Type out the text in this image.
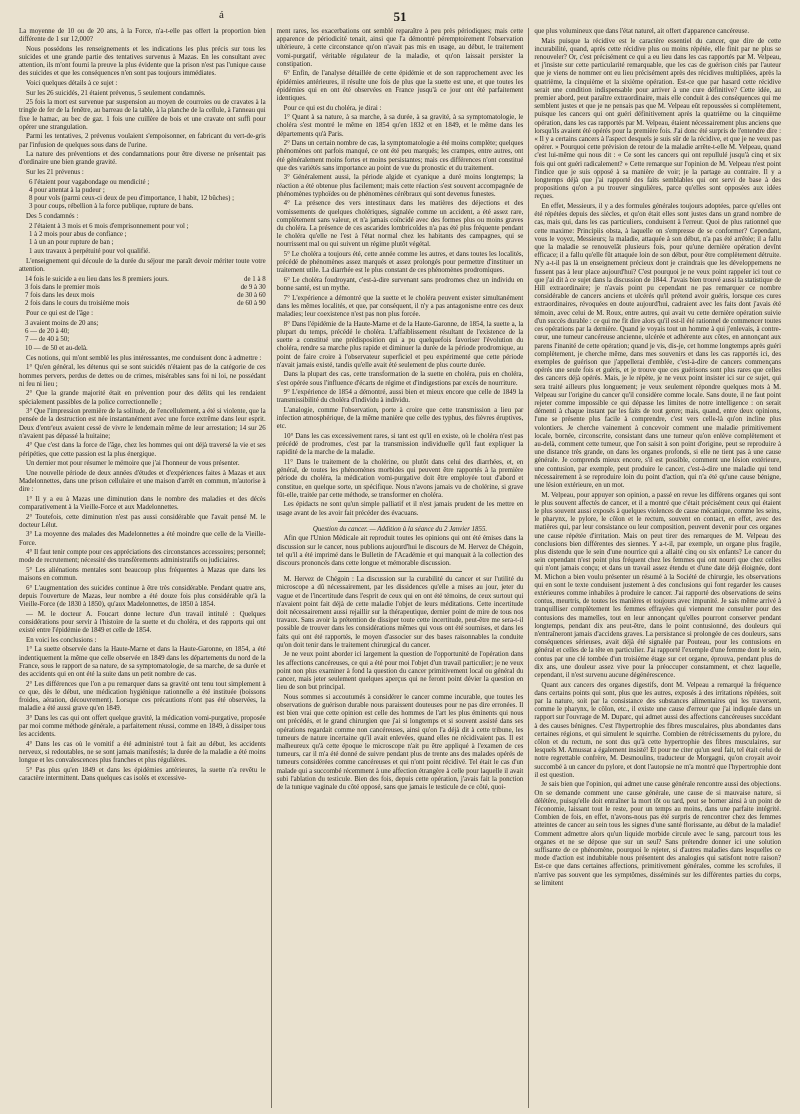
á	51

La moyenne de 10 ou de 20 ans, à la Force, n'a-t-elle pas offert la proportion bien différente de 1 sur 12,000?

Nous possédons les renseignements et les indications les plus précis sur tous les suicides et une grande partie des tentatives survenus à Mazas. En les consultant avec attention, ils m'ont fourni la preuve la plus évidente que la prison n'est pas l'unique cause des suicides et que les conséquences n'en sont pas toujours immédiates.

Voici quelques détails à ce sujet :

Sur les 26 suicidés, 21 étaient prévenus, 5 seulement condamnés.

25 fois la mort est survenue par suspension au moyen de courroies ou de cravates à la tringle de fer de la fenêtre, au barreau de la table, à la planche de la cellule, à l'anneau qui fixe le hamac, au bec de gaz. 1 fois une cuillère de bois et une cravate ont suffi pour opérer une strangulation.

Parmi les tentatives, 2 prévenus voulaient s'empoisonner, en fabricant du vert-de-gris par l'infusion de quelques sous dans de l'urine.

La nature des préventions et des condamnations pour être diverse ne présentait pas d'ordinaire une bien grande gravité.

Sur les 21 prévenus :

6 l'étaient pour vagabondage ou mendicité ;
4 pour attentat à la pudeur ;
8 pour vols (parmi ceux-ci deux de peu d'importance, 1 habit, 12 bûches) ;
3 pour coups, rébellion à la force publique, rupture de bans.

Des 5 condamnés :

2 l'étaient à 3 mois et 6 mois d'emprisonnement pour vol ;
1 à 2 mois pour abus de confiance ;
1 à un an pour rupture de ban ;
1 aux travaux à perpétuité pour vol qualifié.

L'enseignement qui découle de la durée du séjour me paraît devoir mériter toute votre attention.

14 fois le suicide a eu lieu dans les 8 premiers jours.	de 1 à 8
3 fois dans le premier mois	de 9 à 30
7 fois dans les deux mois	de 30 à 60
2 fois dans le cours du troisième mois	de 60 à 90

Pour ce qui est de l'âge :

3 avaient moins de 20 ans;
6 — de 20 à 40;
7 — de 40 à 50;
10 — de 50 et au-delà.

Ces notions, qui m'ont semblé les plus intéressantes, me conduisent donc à admettre :

1° Qu'en général, les détenus qui se sont suicidés n'étaient pas de la catégorie de ces hommes pervers, perdus de dettes ou de crimes, misérables sans foi ni loi, ne possédant ni feu ni lieu ;

2° Que la grande majorité était en prévention pour des délits qui les rendaient spécialement passibles de la police correctionnelle ;

3° Que l'impression première de la solitude, de l'encellulement, a été si violente, que la pensée de la destruction est née instantanément avec une force extrême dans leur esprit. Deux d'entr'eux avaient cessé de vivre le lendemain même de leur arrestation; 14 sur 26 n'avaient pas dépassé la huitaine;

4° Que c'est dans la force de l'âge, chez les hommes qui ont déjà traversé la vie et ses péripéties, que cette passion est la plus énergique.

Un dernier mot pour résumer le mémoire que j'ai l'honneur de vous présenter.

Une nouvelle période de deux années d'études et d'expériences faites à Mazas et aux Madelonnettes, dans une prison cellulaire et une maison d'arrêt en commun, m'autorise à dire :

1° Il y a eu à Mazas une diminution dans le nombre des maladies et des décès comparativement à la Vieille-Force et aux Madelonnettes.

2° Toutefois, cette diminution n'est pas aussi considérable que l'avait pensé M. le docteur Lélut.

3° La moyenne des malades des Madelonnettes a été moindre que celle de la Vieille-Force.

4° Il faut tenir compte pour ces appréciations des circonstances accessoires; personnel; mode de recrutement; nécessité des transfèrements administratifs ou judiciaires.

5° Les aliénations mentales sont beaucoup plus fréquentes à Mazas que dans les maisons en commun.

6° L'augmentation des suicides continue à être très considérable. Pendant quatre ans, depuis l'ouverture de Mazas, leur nombre a été douze fois plus considérable qu'à la Vieille-Force (de 1830 à 1850), qu'aux Madelonnettes, de 1850 à 1854.

— M. le docteur A. Foucart donne lecture d'un travail intitulé : Quelques considérations pour servir à l'histoire de la suette et du choléra, et des rapports qui ont existé entre l'épidémie de 1849 et celle de 1854.

En voici les conclusions :

1° La suette observée dans la Haute-Marne et dans la Haute-Garonne, en 1854, a été indentiquement la même que celle observée en 1849 dans les départements du nord de la France, sous le rapport de sa nature, de sa symptomatologie, de sa marche, de sa durée et des accidents qui en ont été la suite dans un petit nombre de cas.

2° Les différences que l'on a pu remarquer dans sa gravité ont tenu tout simplement à ce que, dès le début, une médication hygiénique rationnelle a été instituée (boissons froides, aération, découvrement). Lorsque ces précautions n'ont pas été observées, la maladie a été aussi grave qu'en 1849.

3° Dans les cas qui ont offert quelque gravité, la médication vomi-purgative, proposée par moi comme méthode générale, a parfaitement réussi, comme en 1849, à dissiper tous les accidents.

4° Dans les cas où le vomitif a été administré tout à fait au début, les accidents nerveux, si redoutables, ne se sont jamais manifestés; la durée de la maladie a été moins longue et les convalescences plus franches et plus régulières.

5° Pas plus qu'en 1849 et dans les épidémies antérieures, la suette n'a revêtu le caractère intermittent. Dans quelques cas isolés et excessive-

ment rares, les exacerbations ont semblé reparaître à peu près périodiques; mais cette apparence de périodicité tenait, ainsi que l'a démontré péremptoirement l'observation ultérieure, à cette circonstance qu'on n'avait pas mis en usage, au début, le traitement vomi-purgatif, véritable régulateur de la maladie, et qu'on laissait persister la constipation.

6° Enfin, de l'analyse détaillée de cette épidémie et de son rapprochement avec les épidémies antérieures, il résulte une fois de plus que la suette est une, et que toutes les épidémies qui en ont été observées en France jusqu'à ce jour ont été parfaitement identiques.

Pour ce qui est du choléra, je dirai :

1° Quant à sa nature, à sa marche, à sa durée, à sa gravité, à sa symptomatologie, le choléra s'est montré le même en 1854 qu'en 1832 et en 1849, et le même dans les départements qu'à Paris.

2° Dans un certain nombre de cas, la symptomatologie a été moins complète; quelques phénomènes ont parfois manqué, ce ont été peu marqués; les crampes, entre autres, ont été généralement moins fortes et moins persistantes; mais ces différences n'ont constitué que des variétés sans importance au point de vue du pronostic et du traitement.

3° Généralement aussi, la période algide et cyanique a duré moins longtemps; la réaction a été obtenue plus facilement; mais cette réaction s'est souvent accompagnée de phénomènes typhoïdes ou de phénomènes cérébraux qui sont devenus funestes.

4° La présence des vers intestinaux dans les matières des déjections et des vomissements de quelques cholériques, signalée comme un accident, a été assez rare, complètement sans valeur, et n'a jamais coïncidé avec des formes plus ou moins graves du choléra. La présence de ces ascarides lombricoïdes n'a pas été plus fréquente pendant le choléra qu'elle ne l'est à l'état normal chez les habitants des campagnes, qui se nourrissent mal ou qui suivent un régime plutôt végétal.

5° Le choléra a toujours été, cette année comme les autres, et dans toutes les localités, précédé de phénomènes assez marqués et assez prolongés pour permettre d'instituer un traitement utile. La diarrhée est le plus constant de ces phénomènes prodromiques.

6° Le choléra foudroyant, c'est-à-dire survenant sans prodromes chez un individu en bonne santé, est un mythe.

7° L'expérience a démontré que la suette et le choléra peuvent exister simultanément dans les mêmes localités, et que, par conséquent, il n'y a pas antagonisme entre ces deux maladies; leur coexistence n'est pas non plus forcée.

8° Dans l'épidémie de la Haute-Marne et de la Haute-Garonne, de 1854, la suette a, la plupart du temps, précédé le choléra. L'affaiblissement résultant de l'existence de la suette a constitué une prédisposition qui a pu quelquefois favoriser l'évolution du choléra, rendre sa marche plus rapide et diminuer la durée de la période prodromique, au point de faire croire à l'observateur superficiel et peu expérimenté que cette période n'avait jamais existé, tandis qu'elle avait été seulement de plus courte durée.

Dans la plupart des cas, cette transformation de la suette en choléra, puis en choléra, s'est opérée sous l'influence d'écarts de régime et d'indigestions par excès de nourriture.

9° L'expérience de 1854 a démontré, aussi bien et mieux encore que celle de 1849 la transmissibilité du choléra d'individu à individu.

L'analogie, comme l'observation, porte à croire que cette transmission a lieu par infection atmosphérique, de la même manière que celle des typhus, des fièvres éruptives, etc.

10° Dans les cas excessivement rares, si tant est qu'il en existe, où le choléra n'est pas précédé de prodromes, c'est par la transmission individuelle qu'il faut expliquer la rapidité de la marche de la maladie.

11° Dans le traitement de la cholérine, ou plutôt dans celui des diarrhées, et, en général, de toutes les phénomènes morbides qui peuvent être rapportés à la première période du choléra, la médication vomi-purgative doit être employée tout d'abord et constitue, en quelque sorte, un spécifique. Nous n'avons jamais vu de cholérine, si grave fût-elle, traitée par cette méthode, se transformer en choléra.

Les épidacts ne sont qu'un simple palliatif et il n'est jamais prudent de les mettre en usage avant de les avoir fait précéder des évacuans.

Question du cancer. — Addition à la séance du 2 Janvier 1855.

Afin que l'Union Médicale ait reproduit toutes les opinions qui ont été émises dans la discussion sur le cancer, nous publions aujourd'hui le discours de M. Hervez de Chégoin, tel qu'il a été imprimé dans le Bulletin de l'Académie et qui manquait à la collection des discours prononcés dans cette longue et mémorable discussion.

M. Hervez de Chégoin : La discussion sur la curabilité du cancer et sur l'utilité du microscope a dû nécessairement, par les dissidences qu'elle a mises au jour, jeter du vague et de l'incertitude dans l'esprit de ceux qui en ont été témoins, de ceux surtout qui n'avaient point fait déjà de cette maladie l'objet de leurs méditations. Cette incertitude doit nécessairement aussi rejaillir sur la thérapeutique, dernier point de mire de tous nos travaux. Sans avoir la prétention de dissiper toute cette incertitude, peut-être me sera-t-il possible de trouver dans les considérations mêmes qui vous ont été soumises, et dans les faits qui ont été rapportés, le moyen d'associer sur des bases raisonnables la conduite qu'on doit tenir dans le traitement chirurgical du cancer.

Je ne veux point aborder ici largement la question de l'opportunité de l'opération dans les affections cancéreuses, ce qui a été pour moi l'objet d'un travail particulier; je ne veux point non plus examiner à fond la question du cancer primitivement local ou général du cancer, mais jeter seulement quelques aperçus qui ne feront point dévier la question en lieu de son but principal.

Nous sommes si accoutumés à considérer le cancer comme incurable, que toutes les observations de guérison durable nous paraissent douteuses pour ne pas dire erronées. Il est bien vrai que cette opinion est celle des hommes de l'art les plus éminents qui nous ont précédés, et le grand chirurgien que j'ai si longtemps et si souvent assisté dans ses opérations regardait comme non cancéreuses, ainsi qu'on l'a déjà dit à cette tribune, les tumeurs de nature incertaine qu'il avait enlevées, quand elles ne récidivaient pas. Il est malheureux qu'à cette époque le microscope n'ait pu être appliqué à l'examen de ces tumeurs, car il m'a été donné de suivre pendant plus de trente ans des malades opérés de tumeurs considérées comme cancéreuses et qui n'ont point récidivé. Tel était le cas d'un malade qui a succombé récemment à une affection étrangère à celle pour laquelle il avait subi l'ablation du testicule. Bien des fois, depuis cette opération, j'avais fait la ponction de la tunique vaginale du côté opposé, sans que jamais le testicule de ce côté, quoi-

que plus volumineux que dans l'état naturel, ait offert d'apparence cancéreuse.

Mais puisque la récidive est le caractère essentiel du cancer, que dire de cette incurabilité, quand, après cette récidive plus ou moins répétée, elle finit par ne plus se renouveler? Or, c'est précisément ce qui a eu lieu dans les cas rapportés par M. Velpeau, et j'insiste sur cette particularité remarquable, que les cas de guérison cités par l'auteur que je viens de nommer ont eu lieu précisément après des récidives multipliées, après la quatrième, la cinquième et la sixième opération. Est-ce que par hasard cette récidive serait une condition indispensable pour arriver à une cure définitive? Cette idée, au premier abord, peut paraître extraordinaire, mais elle conduit à des conséquences qui me semblent justes et que je ne pensais pas que M. Velpeau eût repoussées si complètement, puisque les cancers qui ont guéri définitivement après la quatrième ou la cinquième opération, dans les cas rapportés par M. Velpeau, étaient nécessairement plus anciens que lorsqu'ils avaient été opérés pour la première fois. J'ai donc été surpris de l'entendre dire : « Il y a certains cancers à l'aspect desquels je suis sûr de la récidive, et que je ne veux pas opérer. » Pourquoi cette prévision de retour de la maladie arrête-t-elle M. Velpeau, quand c'est lui-même qui nous dit : « Ce sont les cancers qui ont repullulé jusqu'à cinq et six fois qui ont guéri radicalement? » Cette remarque sur l'opinion de M. Velpeau n'est point l'indice que je suis opposé à sa manière de voir; je la partage au contraire. Il y a longtemps déjà que j'ai rapporté des faits semblables qui ont servi de base à des propositions qu'on a pu trouver singulières, parce qu'elles sont opposées aux idées reçues.

En effet, Messieurs, il y a des formules générales toujours adoptées, parce qu'elles ont été répétées depuis des siècles, et qu'on était elles sont justes dans un grand nombre de cas, mais qui, dans les cas particuliers, conduisent à l'erreur. Quoi de plus rationnel que cette maxime: Principiis obsta, à laquelle on s'empresse de se conformer? Cependant, vous le voyez, Messieurs; la maladie, attaquée à son début, n'a pas été arrêtée; il a fallu que la maladie se renouvelât plusieurs fois, pour qu'une dernière opération devînt efficace; il a fallu qu'elle fût attaquée loin de son début, pour être complètement détruite. N'y a-t-il pas là un enseignement précieux dont je craindrais que les développemens ne fussent pas à leur place aujourd'hui? C'est pourquoi je ne veux point rappeler ici tout ce que j'ai dit à ce sujet dans la discussion de 1844. J'avais bien trouvé aussi la statistique de Hill extraordinaire; je n'avais point pu cependant ne pas remarquer ce nombre considérable de cancers anciens et ulcérés qu'il prétend avoir guéris, lorsque ces cures extraordinaires, révoquées en doute aujourd'hui, cadraient avec les faits dont j'avais été témoin, avec celui de M. Roux, entre autres, qui avait vu cette dernière opération suivie d'un succès durable : ce qui me fit dire alors qu'il est-il été rationnel de commencer toutes ces opérations par la dernière. Quand je voyais tout un homme à qui j'enlevais, à contre-cœur, une tumeur cancéreuse ancienne, ulcérée et adhérente aux côtes, en annonçant aux parens l'inanité de cette opération; quand je vis, dis-je, cet homme longtemps après guéri complètement, je cherche même, dans mes souvenirs et dans les cas rapportés ici, des exemples de guérison que j'appellerai d'emblée, c'est-à-dire de cancers commençans opérés une seule fois et guéris, et je trouve que ces guérisons sont plus rares que celles des cancers déjà opérés. Mais, je le répète, je ne veux point insister ici sur ce sujet, qui sera traité ailleurs plus longuement; je veux seulement répondre quelques mots à M. Velpeau sur l'origine du cancer qu'il considère comme locale. Sans doute, il ne faut point rejeter comme impossible ce qui dépasse les limites de notre intelligence : on serait démenti à chaque instant par les faits de tout genre; mais, quand, entre deux opinions, l'une se présente plus facile à comprendre, c'est vers celle-là qu'on incline plus volontiers. Je cherche vainement à concevoir comment une maladie primitivement locale, bornée, circonscrite, consistant dans une tumeur qu'on enlève complètement et au-delà, comment cette tumeur, que l'on saisit à son point d'origine, peut se reproduire à une distance très grande, on dans les organes profonds, si elle ne tient pas à une cause générale. Je comprends mieux encore, s'il est possible, comment une lésion extérieure, une contusion, par exemple, peut produire le cancer, c'est-à-dire une maladie qui tend nécessairement à se reproduire loin du point d'action, qui n'a été qu'une cause bénigne, une lésion extérieure, en un mot.

M. Velpeau, pour appuyer son opinion, a passé en revue les différens organes qui sont le plus souvent affectés de cancer, et il a montré que c'était précisément ceux qui étaient le plus souvent aussi exposés à quelques violences de cause mécanique, comme les seins, le pharynx, le pylore, le côlon et le rectum, souvent en contact, en effet, avec des matières qui, par leur consistance ou leur composition, peuvent devenir pour ces organes une cause répétée d'irritation. Mais on peut tirer des remarques de M. Velpeau des conclusions bien différentes des siennes. Y a-t-il, par exemple, un organe plus fragile, plus distendu que le sein d'une nourrice qui a allaité cinq ou six enfants? Le cancer du sein cependant n'est point plus fréquent chez les femmes qui ont nourri que chez celles qui n'ont jamais conçu; et dans un travail assez étendu et d'une date déjà éloignée, dont M. Michon a bien voulu présenter un résumé à la Société de chirurgie, les observations qui en sont le texte conduisent justement à des conclusions qui font regarder les causes extérieures comme inhabiles à produire le cancer. J'ai rapporté des observations de seins contus, meurtris, de toutes les manières et toujours avec impunité. Je sais même arrivé à tranquilliser complètement les femmes effrayées qui viennent me consulter pour des contusions des mamelles, tout en leur annonçant qu'elles pourront conserver pendant longtemps, pendant dix ans peut-être, dans le point contusionné, des douleurs qui n'entraîneront jamais d'accidens graves. La persistance si prolongée de ces douleurs, sans conséquences sérieuses, avait déjà été signalée par Pouteau, pour les contusions en général et celles de la tête en particulier. J'ai rapporté l'exemple d'une femme dont le sein, contus par une clé tombée d'un troisième étage sur cet organe, éprouva, pendant plus de dix ans, une douleur assez vive pour la préoccuper constamment, et chez laquelle, cependant, il n'est survenu aucune dégénérescence.

Quant aux cancers des organes digestifs, dont M. Velpeau a remarqué la fréquence dans certains points qui sont, plus que les autres, exposés à des irritations répétées, soit par la nature, soit par la consistance des substances alimentaires qui les traversent, comme le pharynx, le côlon, etc., il existe une cause d'erreur que j'ai indiquée dans un rapport sur l'ouvrage de M. Duparc, qui admet aussi des affections cancéreuses succédant à des causes bénignes. C'est l'hypertrophie des fibres musculaires, plus abondantes dans certaines régions, et qui simulent le squirrhe. Combien de rétrécissements du pylore, du côlon et du rectum, ne sont dus qu'à cette hypertrophie des fibres musculaires, sur lesquels M. Amussat a également insisté! Et pour ne citer qu'un seul fait, tel était celui de notre regrettable confrère, M. Desmoulins, traducteur de Morgagni, qu'on croyait avoir succombé à un cancer du pylore, et dont l'autopsie ne m'a montré que l'hypertrophie dont il est question.

Je sais bien que l'opinion, qui admet une cause générale rencontre aussi des objections. On se demande comment une cause générale, une cause de si mauvaise nature, si délétère, puisqu'elle doit entraîner la mort tôt ou tard, peut se borner ainsi à un point de l'économie, laissant tout le reste, pour un temps au moins, dans une parfaite intégrité. Combien de fois, en effet, n'avons-nous pas été surpris de rencontrer chez des femmes atteintes de cancer au sein tous les signes d'une santé florissante, au début de la maladie! Comment admettre alors qu'un liquide morbide circule avec le sang, parcourt tous les organes et ne se dépose que sur un seul? Sans prétendre donner ici une solution suffisante de ce phénomène, pourquoi le rejeter, si d'autres maladies dans lesquelles ce mode d'action est indubitable nous présentent des analogies qui satisfont notre raison? Est-ce que dans certaines affections, primitivement générales, comme les scrofules, il n'arrive pas souvent que les symptômes, disséminés sur les différentes parties du corps, se limitent
